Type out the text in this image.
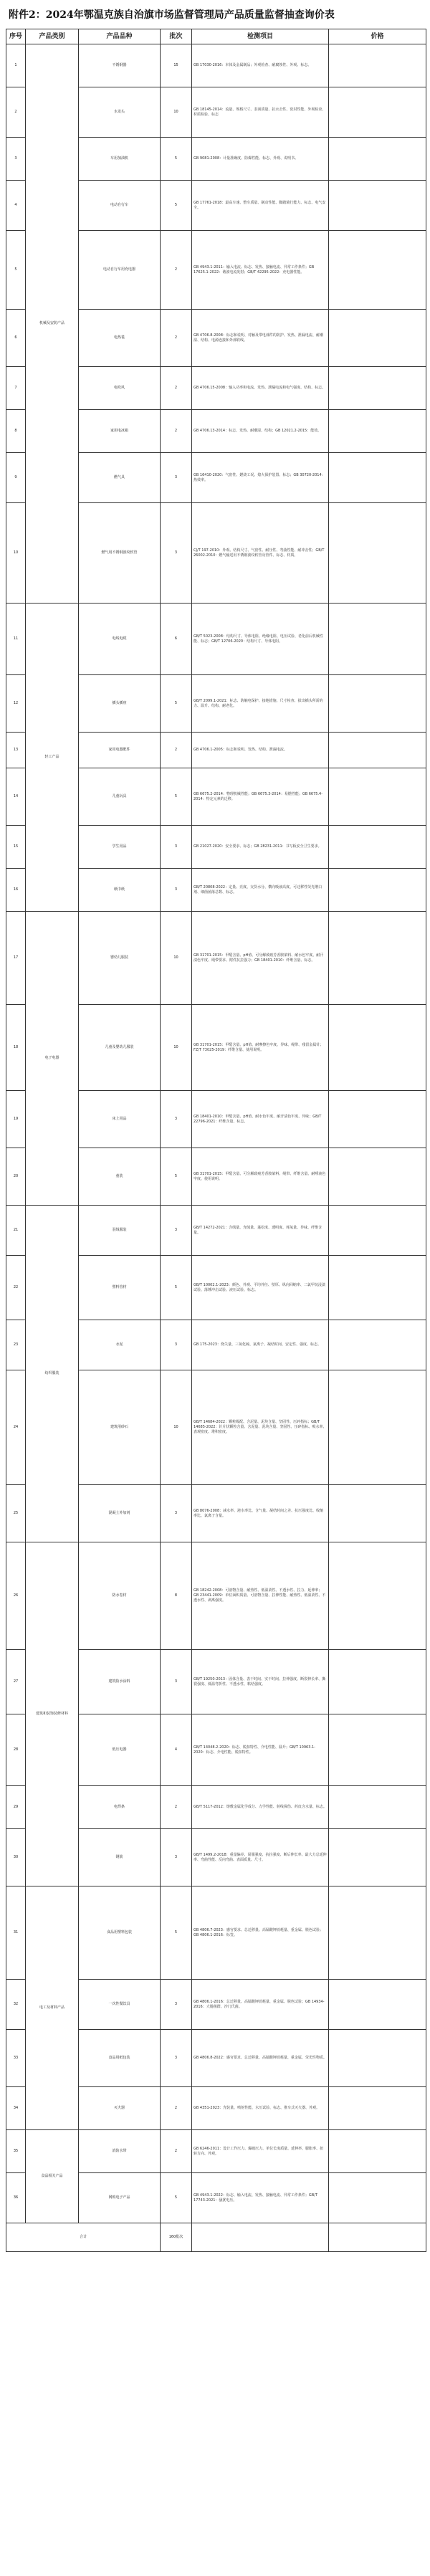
附件2：2024年鄂温克族自治旗市场监督管理局产品质量监督抽查询价表
序号	产品类别	产品品种	批次	检测项目	价格
1	机械及安防产品	不锈钢器	15	GB 17030-2016：本体及金属制品；外观检查、耐腐蚀性、外观、标志。	
2		水龙头	10	GB 18145-2014：流量、规格尺寸、表面质量、抗水击性、密封性能、外观检查、材质检验、标志	
3		车用加油机	5	GB 9081-2008：计量准确度、防爆性能、标志、外观、说明书。	
4		电动自行车	5	GB 17761-2018：最高车速、整车质量、制动性能、脚踏骑行能力、标志、电气安全。	
5		电动自行车用充电器	2	GB 4943.1-2011：输入电流、标志、发热、接触电流、异常工作条件；GB 17625.1-2022：谐波电流发射；GB/T 42295-2022：充电器性能。	
6		电热毯	2	GB 4706.8-2008：标志和说明、对触及带电部件的防护、发热、泄漏电流、耐潮湿、结构、电源连接和外部软线。	
7		电吹风	2	GB 4706.15-2008：输入功率和电流、发热、泄漏电流和电气强度、结构、标志。	
8		家用电冰箱	2	GB 4706.13-2014：标志、发热、耐潮湿、结构；GB 12021.2-2015：能效。	
9		燃气具	3	GB 16410-2020：气密性、燃烧工况、熄火保护装置、标志；GB 30720-2014：热效率。	
10		燃气用不锈钢波纹软管	3	CJ/T 197-2010：外观、结构尺寸、气密性、耐压性、弯曲性能、耐冲击性；GB/T 26002-2010：燃气输送用不锈钢波纹软管及管件、标志、材质。	
11	轻工产品	电线电缆	6	GB/T 5023-2008：结构尺寸、导体电阻、绝缘电阻、电压试验、老化前后机械性能、标志；GB/T 12706-2020：结构尺寸、导体电阻。	
12		插头插座	5	GB/T 2099.1-2021：标志、防触电保护、接地措施、尺寸检查、拔出插头所需的力、温升、结构、耐老化。	
13		家用电器配件	2	GB 4706.1-2005：标志和说明、发热、结构、泄漏电流。	
14		儿童玩具	5	GB 6675.2-2014：物理机械性能；GB 6675.3-2014：易燃性能；GB 6675.4-2014：特定元素的迁移。	
15		学生用品	3	GB 21027-2020：安全要求、标志；GB 28231-2011：书写板安全卫生要求。	
16		纸巾纸	3	GB/T 20808-2022：定量、亮度、交货水分、横向吸液高度、可迁移性荧光增白剂、细菌菌落总数、标志。	
17	电子电器	婴幼儿服装	10	GB 31701-2015：甲醛含量、pH值、可分解致癌芳香胺染料、耐水色牢度、耐汗渍色牢度、绳带要求、附件抗拉强力；GB 18401-2010：纤维含量、标志。	
18		儿童及婴幼儿服装	10	GB 31701-2015：甲醛含量、pH值、耐摩擦色牢度、异味、绳带、残留金属针；FZ/T 73025-2019：纤维含量、使用说明。	
19		床上用品	3	GB 18401-2010：甲醛含量、pH值、耐水色牢度、耐汗渍色牢度、异味；GB/T 22796-2021：纤维含量、标志。	
20		童装	5	GB 31701-2015：甲醛含量、可分解致癌芳香胺染料、绳带、纤维含量、耐唾液色牢度、使用说明。	
21	纺织服装	羽绒服装	3	GB/T 14272-2021：含绒量、充绒量、蓬松度、透明度、耗氧量、异味、纤维含量。	
22		塑料管材	5	GB/T 10002.1-2023：颜色、外观、平均外径、壁厚、纵向回缩率、二氯甲烷浸渍试验、落锤冲击试验、液压试验、标志。	
23		水泥	3	GB 175-2023：烧失量、三氧化硫、氯离子、凝结时间、安定性、强度、标志。	
24		建筑用砂石	10	GB/T 14684-2022：颗粒级配、含泥量、泥块含量、坚固性、压碎指标；GB/T 14685-2022：针片状颗粒含量、含泥量、泥块含量、坚固性、压碎指标、吸水率、表观密度、堆积密度。	
25		混凝土外加剂	3	GB 8076-2008：减水率、泌水率比、含气量、凝结时间之差、抗压强度比、收缩率比、氯离子含量。	
26	建筑和装饰装修材料	防水卷材	8	GB 18242-2008：可溶物含量、耐热性、低温柔性、不透水性、拉力、延伸率；GB 23441-2009：单位面积质量、可溶物含量、拉伸性能、耐热性、低温柔性、不透水性、剥离强度。	
27		建筑防水涂料	3	GB/T 19250-2013：固体含量、表干时间、实干时间、拉伸强度、断裂伸长率、撕裂强度、低温弯折性、不透水性、粘结强度。	
28		低压电器	4	GB/T 14048.2-2020：标志、脱扣特性、介电性能、温升；GB/T 10963.1-2020：标志、介电性能、脱扣特性。	
29		电焊条	2	GB/T 5117-2012：熔敷金属化学成分、力学性能、射线探伤、药皮含水量、标志。	
30		钢筋	3	GB/T 1499.2-2018：重量偏差、屈服强度、抗拉强度、断后伸长率、最大力总延伸率、弯曲性能、反向弯曲、表面质量、尺寸。	
31	电工及材料产品	食品用塑料包装	5	GB 4806.7-2023：感官要求、总迁移量、高锰酸钾消耗量、重金属、脱色试验；GB 4806.1-2016：标签。	
32		一次性餐饮具	3	GB 4806.1-2016：总迁移量、高锰酸钾消耗量、重金属、脱色试验；GB 14934-2016：大肠菌群、沙门氏菌。	
33		食品用纸包装	3	GB 4806.8-2022：感官要求、总迁移量、高锰酸钾消耗量、重金属、荧光性物质。	
34		灭火器	2	GB 4351-2023：充装量、喷射性能、水压试验、标志、推车式灭火器、外观。	
35	食品相关产品	消防水带	2	GB 6246-2011：设计工作压力、爆破压力、单位长度质量、延伸率、膨胀率、扭转方向、外观。	
36		网购电子产品	5	GB 4943.1-2022：标志、输入电流、发热、接触电流、异常工作条件；GB/T 17743-2021：骚扰电压。	
合计			160批次		
